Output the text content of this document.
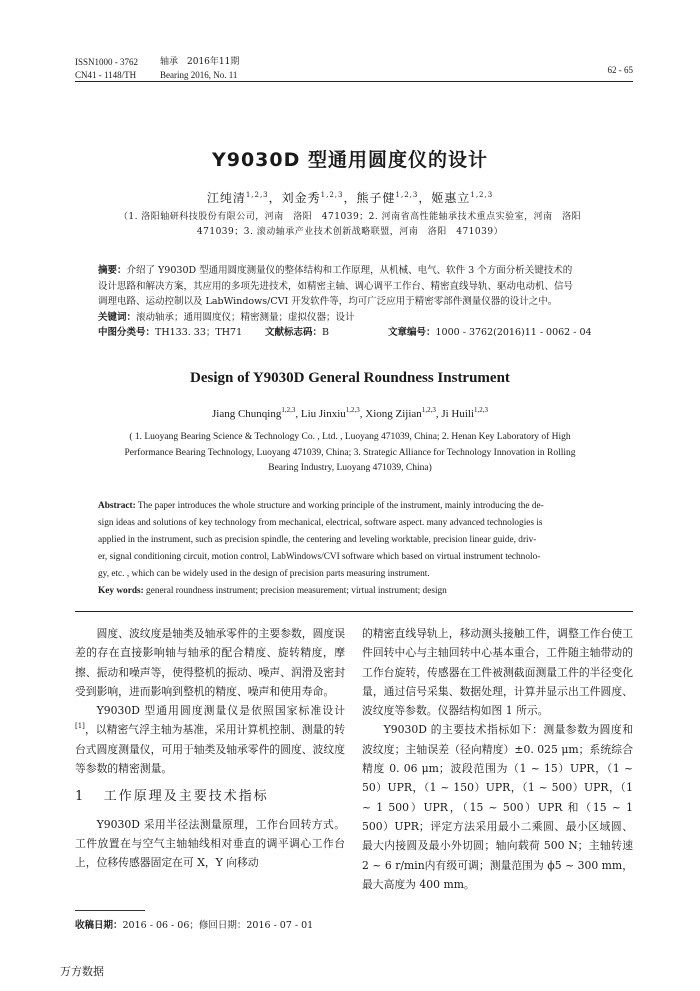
ISSN1000 - 3762
CN41 - 1148/TH
轴承　2016年11期
Bearing 2016, No. 11	62 - 65
Y9030D 型通用圆度仪的设计
江纯清$^{1,2,3}$，刘金秀$^{1,2,3}$，熊子健$^{1,2,3}$，姬惠立$^{1,2,3}$
（1. 洛阳轴研科技股份有限公司，河南　洛阳　471039；2. 河南省高性能轴承技术重点实验室，河南　洛阳
471039；3. 滚动轴承产业技术创新战略联盟，河南　洛阳　471039）
摘要：介绍了 Y9030D 型通用圆度测量仪的整体结构和工作原理，从机械、电气、软件 3 个方面分析关键技术的
设计思路和解决方案，其应用的多项先进技术，如精密主轴、调心调平工作台、精密直线导轨、驱动电动机、信号
调理电路、运动控制以及 LabWindows/CVI 开发软件等，均可广泛应用于精密零部件测量仪器的设计之中。
关键词：滚动轴承；通用圆度仪；精密测量；虚拟仪器；设计
中图分类号：TH133. 33；TH71 文献标志码：B	文章编号：1000 - 3762(2016)11 - 0062 - 04
Design of Y9030D General Roundness Instrument
Jiang Chunqing$^{1,2,3}$, Liu Jinxiu$^{1,2,3}$, Xiong Zijian$^{1,2,3}$, Ji Huili$^{1,2,3}$
( 1. Luoyang Bearing Science & Technology Co. , Ltd. , Luoyang 471039, China; 2. Henan Key Laboratory of High
Performance Bearing Technology, Luoyang 471039, China; 3. Strategic Alliance for Technology Innovation in Rolling
Bearing Industry, Luoyang 471039, China)
Abstract: The paper introduces the whole structure and working principle of the instrument, mainly introducing the de-
sign ideas and solutions of key technology from mechanical, electrical, software aspect. many advanced technologies is
applied in the instrument, such as precision spindle, the centering and leveling worktable, precision linear guide, driv-
er, signal conditioning circuit, motion control, LabWindows/CVI software which based on virtual instrument technolo-
gy, etc. , which can be widely used in the design of precision parts measuring instrument.
Key words: general roundness instrument; precision measurement; virtual instrument; design

圆度、波纹度是轴类及轴承零件的主要参数，圆度误差的存在直接影响轴与轴承的配合精度、旋转精度，摩擦、振动和噪声等，使得整机的振动、噪声、润滑及密封受到影响，进而影响到整机的精度、噪声和使用寿命。

Y9030D 型通用圆度测量仪是依照国家标准设计[1]，以精密气浮主轴为基准，采用计算机控制、测量的转台式圆度测量仪，可用于轴类及轴承零件的圆度、波纹度等参数的精密测量。

1 工作原理及主要技术指标

Y9030D 采用半径法测量原理，工作台回转方式。工件放置在与空气主轴轴线相对垂直的调平调心工作台上，位移传感器固定在可 X，Y 向移动

的精密直线导轨上，移动测头接触工件，调整工作台使工件回转中心与主轴回转中心基本重合，工件随主轴带动的工作台旋转，传感器在工件被测截面测量工件的半径变化量，通过信号采集、数据处理，计算并显示出工件圆度、波纹度等参数。仪器结构如图 1 所示。

Y9030D 的主要技术指标如下：测量参数为圆度和波纹度；主轴误差（径向精度）±0. 025 μm；系统综合精度 0. 06 μm；波段范围为（1 ~ 15）UPR，（1 ~ 50）UPR，（1 ~ 150）UPR，（1 ~ 500）UPR，（1 ~ 1 500）UPR，（15 ~ 500）UPR 和（15 ~ 1 500）UPR；评定方法采用最小二乘圆、最小区域圆、最大内接圆及最小外切圆；轴向载荷 500 N；主轴转速 2 ~ 6 r/min内有级可调；测量范围为 ϕ5 ~ 300 mm，最大高度为 400 mm。

收稿日期：2016 - 06 - 06；修回日期：2016 - 07 - 01
万方数据
